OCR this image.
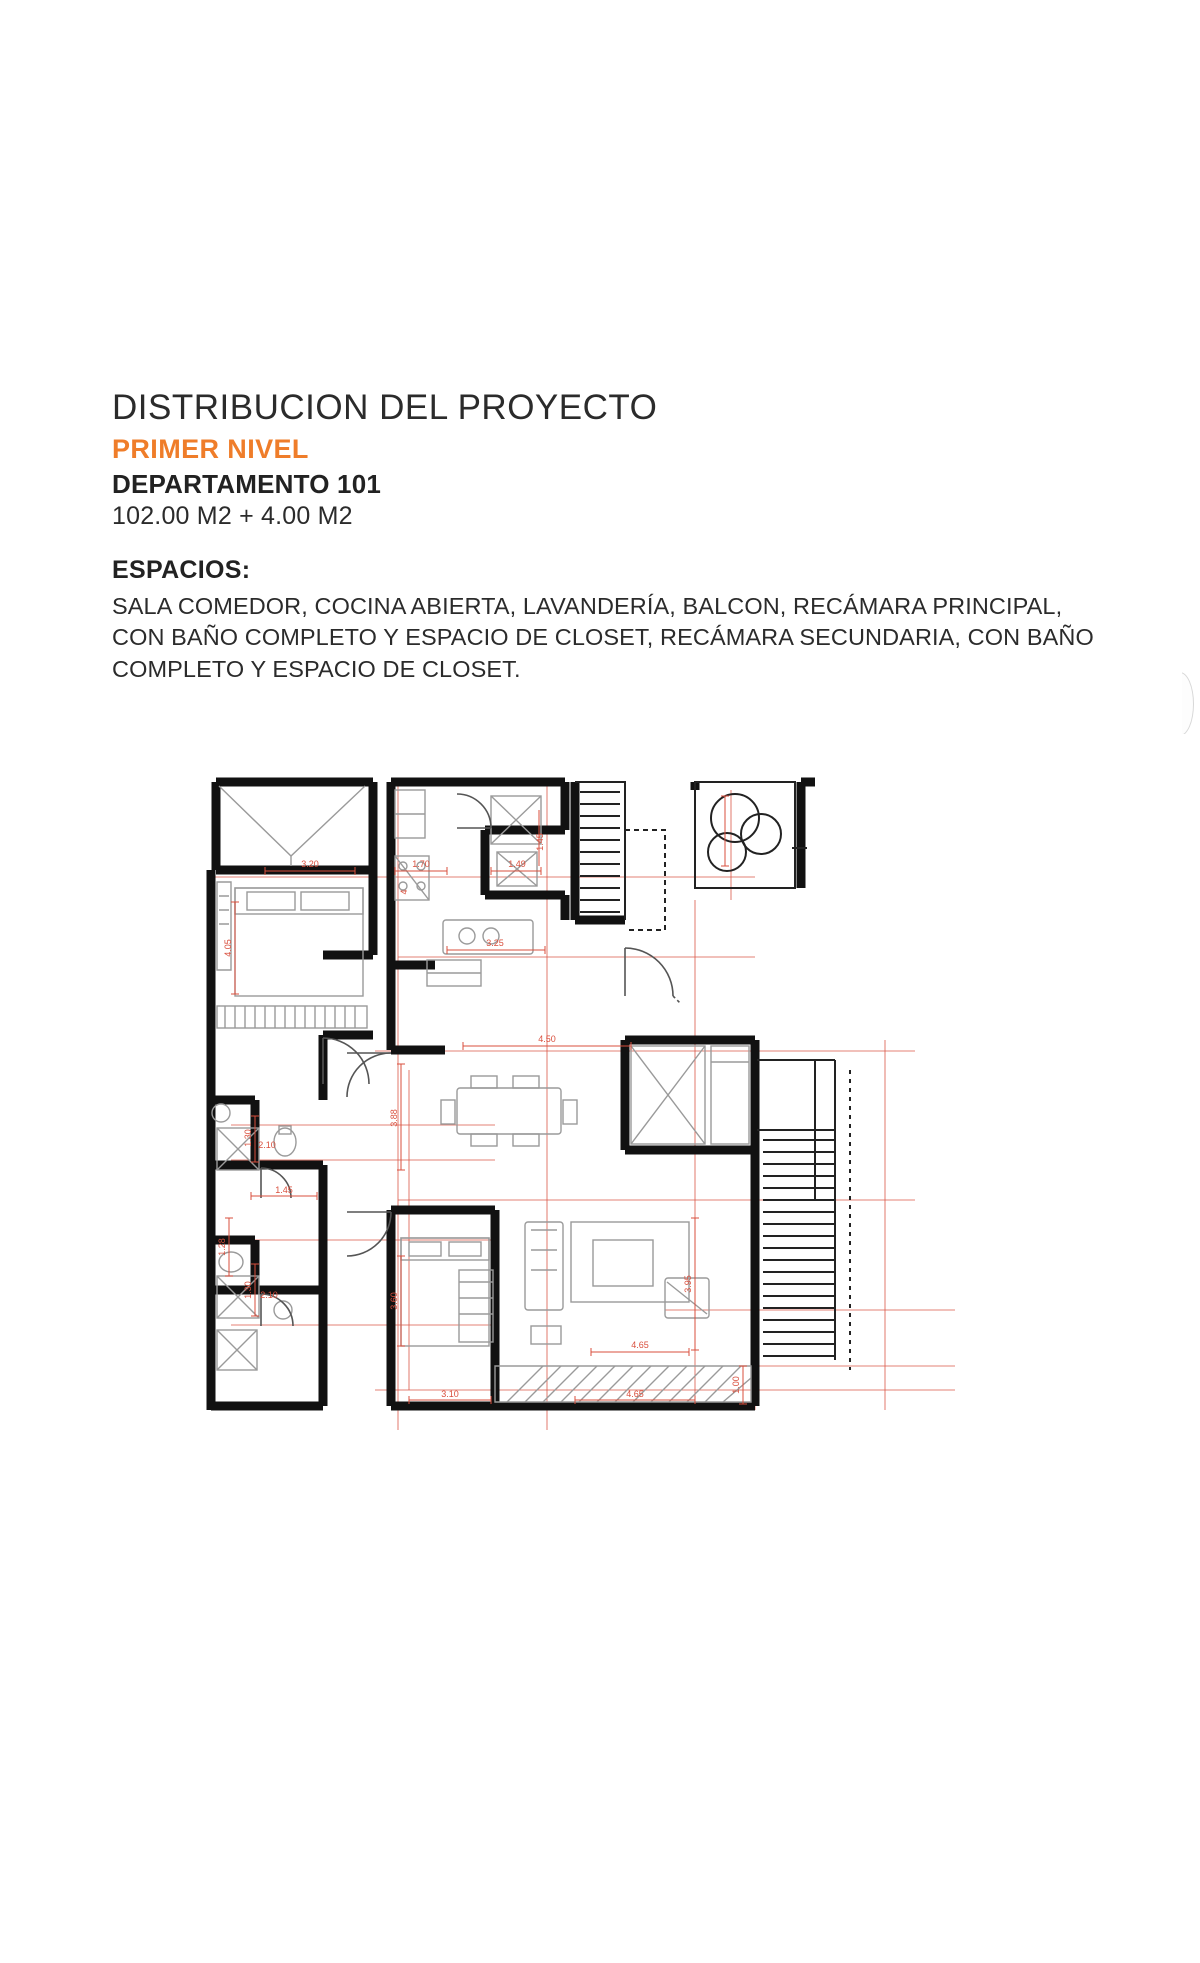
DISTRIBUCION DEL PROYECTO
PRIMER NIVEL
DEPARTAMENTO 101
102.00 M2 + 4.00 M2
ESPACIOS:
SALA COMEDOR, COCINA ABIERTA, LAVANDERÍA, BALCON, RECÁMARA PRINCIPAL, CON BAÑO COMPLETO Y ESPACIO DE CLOSET, RECÁMARA SECUNDARIA, CON BAÑO COMPLETO Y ESPACIO DE CLOSET.
3.20	1.70	1.49
1.45
4.05
4
3.25
4.50
3.88
1.30 2.10
1.45
1.28
3.95
4.65
3.60
1.30 2.10
3.10	4.65
1.00
